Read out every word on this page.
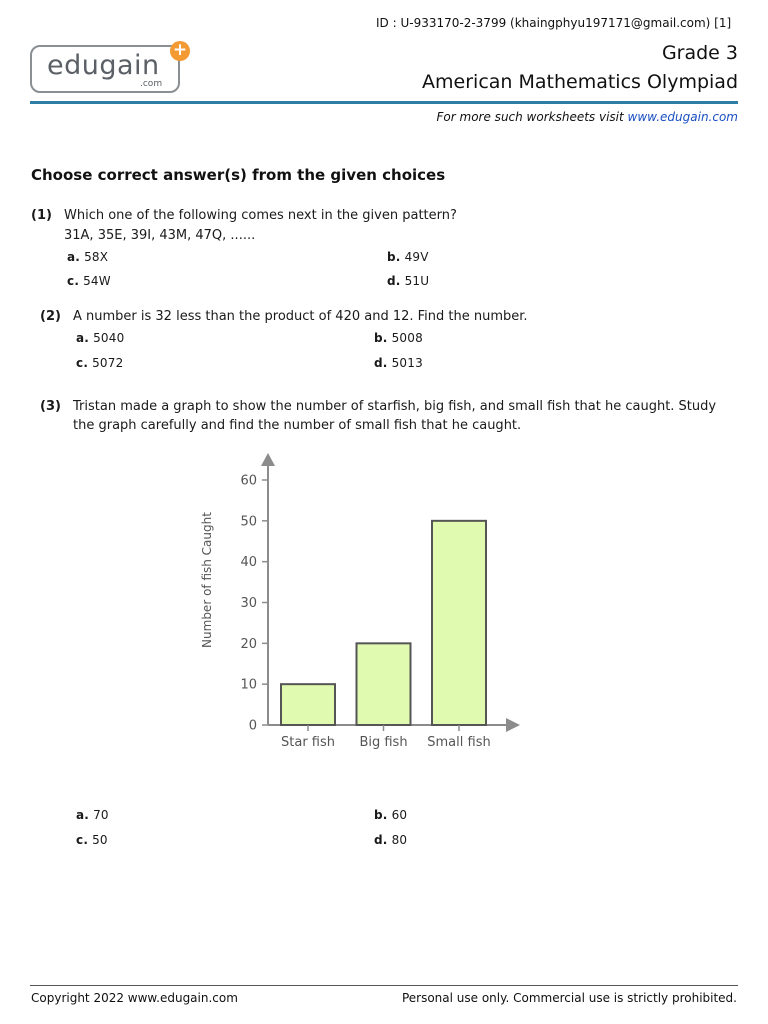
ID : U-933170-2-3799 (khaingphyu197171@gmail.com) [1]
edugain
.com
+	Grade 3
American Mathematics Olympiad
For more such worksheets visit www.edugain.com
Choose correct answer(s) from the given choices
(1) Which one of the following comes next in the given pattern?
31A, 35E, 39I, 43M, 47Q, ......
a. 58X	b. 49V
c. 54W	d. 51U
(2) A number is 32 less than the product of 420 and 12. Find the number.
a. 5040	b. 5008
c. 5072	d. 5013
(3) Tristan made a graph to show the number of starfish, big fish, and small fish that he caught. Study
the graph carefully and find the number of small fish that he caught.
0
10
20
30
40
50
60
Number of fish Caught
Star fish Big fish Small fish
a. 70	b. 60
c. 50	d. 80
Copyright 2022 www.edugain.com	Personal use only. Commercial use is strictly prohibited.
